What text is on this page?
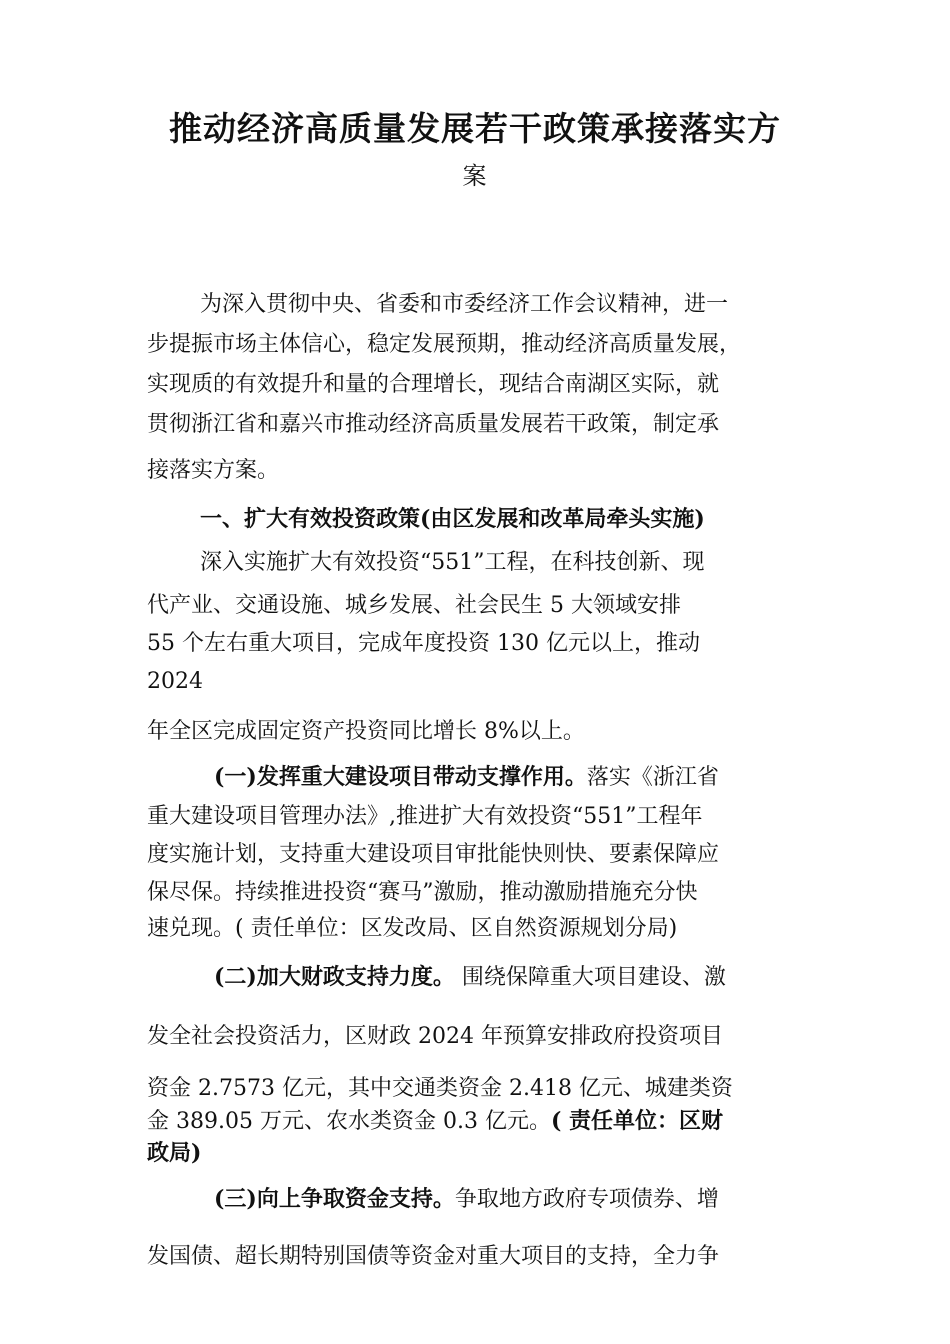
推动经济高质量发展若干政策承接落实方
案

为深入贯彻中央、省委和市委经济工作会议精神，进一

步提振市场主体信心，稳定发展预期，推动经济高质量发展，

实现质的有效提升和量的合理增长，现结合南湖区实际，就

贯彻浙江省和嘉兴市推动经济高质量发展若干政策，制定承

接落实方案。

一、扩大有效投资政策(由区发展和改革局牵头实施)

深入实施扩大有效投资“551”工程，在科技创新、现

代产业、交通设施、城乡发展、社会民生 5 大领域安排

55 个左右重大项目，完成年度投资 130 亿元以上，推动

2024

年全区完成固定资产投资同比增长 8%以上。

(一)发挥重大建设项目带动支撑作用。落实《浙江省

重大建设项目管理办法》,推进扩大有效投资“551”工程年

度实施计划，支持重大建设项目审批能快则快、要素保障应

保尽保。持续推进投资“赛马”激励，推动激励措施充分快

速兑现。( 责任单位：区发改局、区自然资源规划分局)

(二)加大财政支持力度。 围绕保障重大项目建设、激

发全社会投资活力，区财政 2024 年预算安排政府投资项目

资金 2.7573 亿元，其中交通类资金 2.418 亿元、城建类资

金 389.05 万元、农水类资金 0.3 亿元。( 责任单位：区财

政局)

(三)向上争取资金支持。争取地方政府专项债券、增

发国债、超长期特别国债等资金对重大项目的支持，全力争
